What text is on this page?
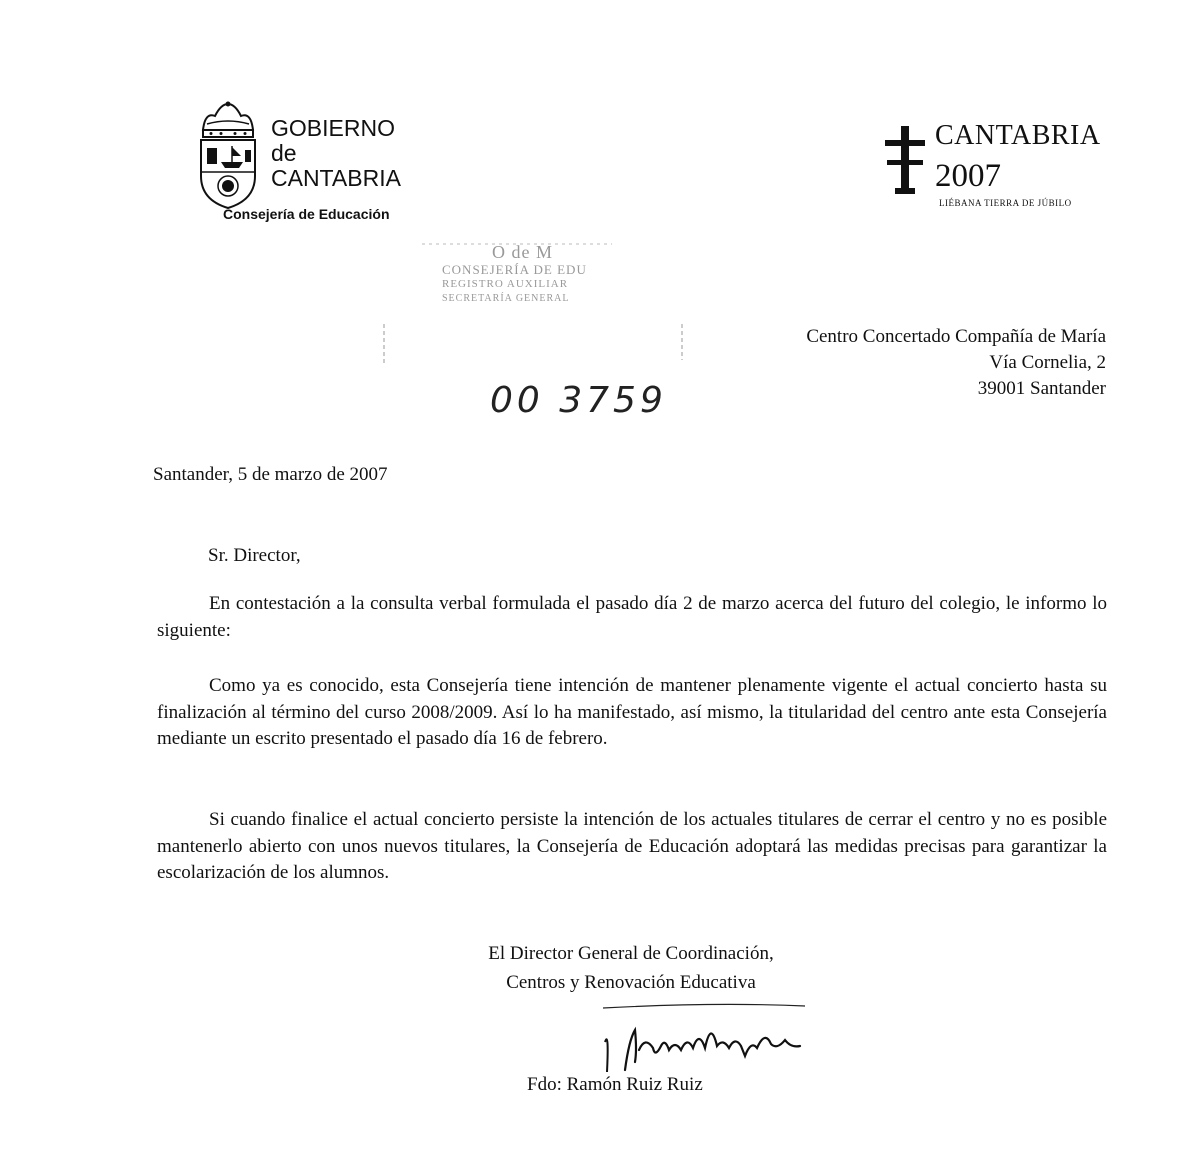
GOBIERNO
de
CANTABRIA
Consejería de Educación
CANTABRIA
2007
LIÉBANA TIERRA DE JÚBILO
O de M
CONSEJERÍA DE EDU
REGISTRO AUXILIAR
SECRETARÍA GENERAL
00 3759
Centro Concertado Compañía de María
Vía Cornelia, 2
39001 Santander
Santander, 5 de marzo de 2007
Sr. Director,
En contestación a la consulta verbal formulada el pasado día 2 de marzo acerca del futuro del colegio, le informo lo siguiente:
Como ya es conocido, esta Consejería tiene intención de mantener plenamente vigente el actual concierto hasta su finalización al término del curso 2008/2009. Así lo ha manifestado, así mismo, la titularidad del centro ante esta Consejería mediante un escrito presentado el pasado día 16 de febrero.
Si cuando finalice el actual concierto persiste la intención de los actuales titulares de cerrar el centro y no es posible mantenerlo abierto con unos nuevos titulares, la Consejería de Educación adoptará las medidas precisas para garantizar la escolarización de los alumnos.
El Director General de Coordinación,
Centros y Renovación Educativa
Fdo: Ramón Ruiz Ruiz
